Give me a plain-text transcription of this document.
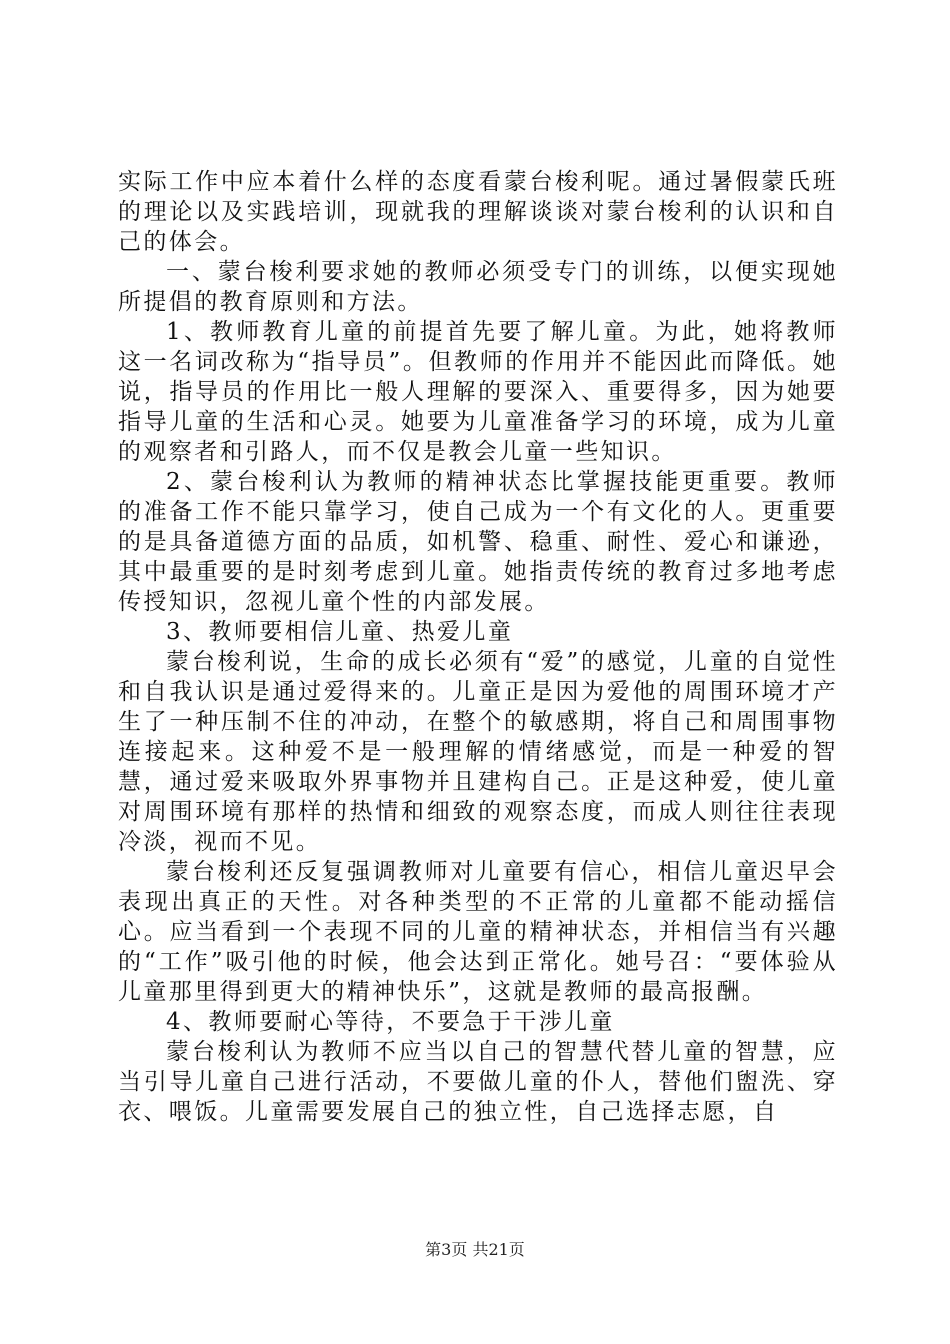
实际工作中应本着什么样的态度看蒙台梭利呢。通过暑假蒙氏班的理论以及实践培训，现就我的理解谈谈对蒙台梭利的认识和自己的体会。

一、蒙台梭利要求她的教师必须受专门的训练，以便实现她所提倡的教育原则和方法。

1、教师教育儿童的前提首先要了解儿童。为此，她将教师这一名词改称为“指导员”。但教师的作用并不能因此而降低。她说，指导员的作用比一般人理解的要深入、重要得多，因为她要指导儿童的生活和心灵。她要为儿童准备学习的环境，成为儿童的观察者和引路人，而不仅是教会儿童一些知识。

2、蒙台梭利认为教师的精神状态比掌握技能更重要。教师的准备工作不能只靠学习，使自己成为一个有文化的人。更重要的是具备道德方面的品质，如机警、稳重、耐性、爱心和谦逊，其中最重要的是时刻考虑到儿童。她指责传统的教育过多地考虑传授知识，忽视儿童个性的内部发展。

3、教师要相信儿童、热爱儿童

蒙台梭利说，生命的成长必须有“爱”的感觉，儿童的自觉性和自我认识是通过爱得来的。儿童正是因为爱他的周围环境才产生了一种压制不住的冲动，在整个的敏感期，将自己和周围事物连接起来。这种爱不是一般理解的情绪感觉，而是一种爱的智慧，通过爱来吸取外界事物并且建构自己。正是这种爱，使儿童对周围环境有那样的热情和细致的观察态度，而成人则往往表现冷淡，视而不见。

蒙台梭利还反复强调教师对儿童要有信心，相信儿童迟早会表现出真正的天性。对各种类型的不正常的儿童都不能动摇信心。应当看到一个表现不同的儿童的精神状态，并相信当有兴趣的“工作”吸引他的时候，他会达到正常化。她号召：“要体验从儿童那里得到更大的精神快乐”，这就是教师的最高报酬。

4、教师要耐心等待，不要急于干涉儿童

蒙台梭利认为教师不应当以自己的智慧代替儿童的智慧，应当引导儿童自己进行活动，不要做儿童的仆人，替他们盥洗、穿衣、喂饭。儿童需要发展自己的独立性，自己选择志愿，自

第3页 共21页
